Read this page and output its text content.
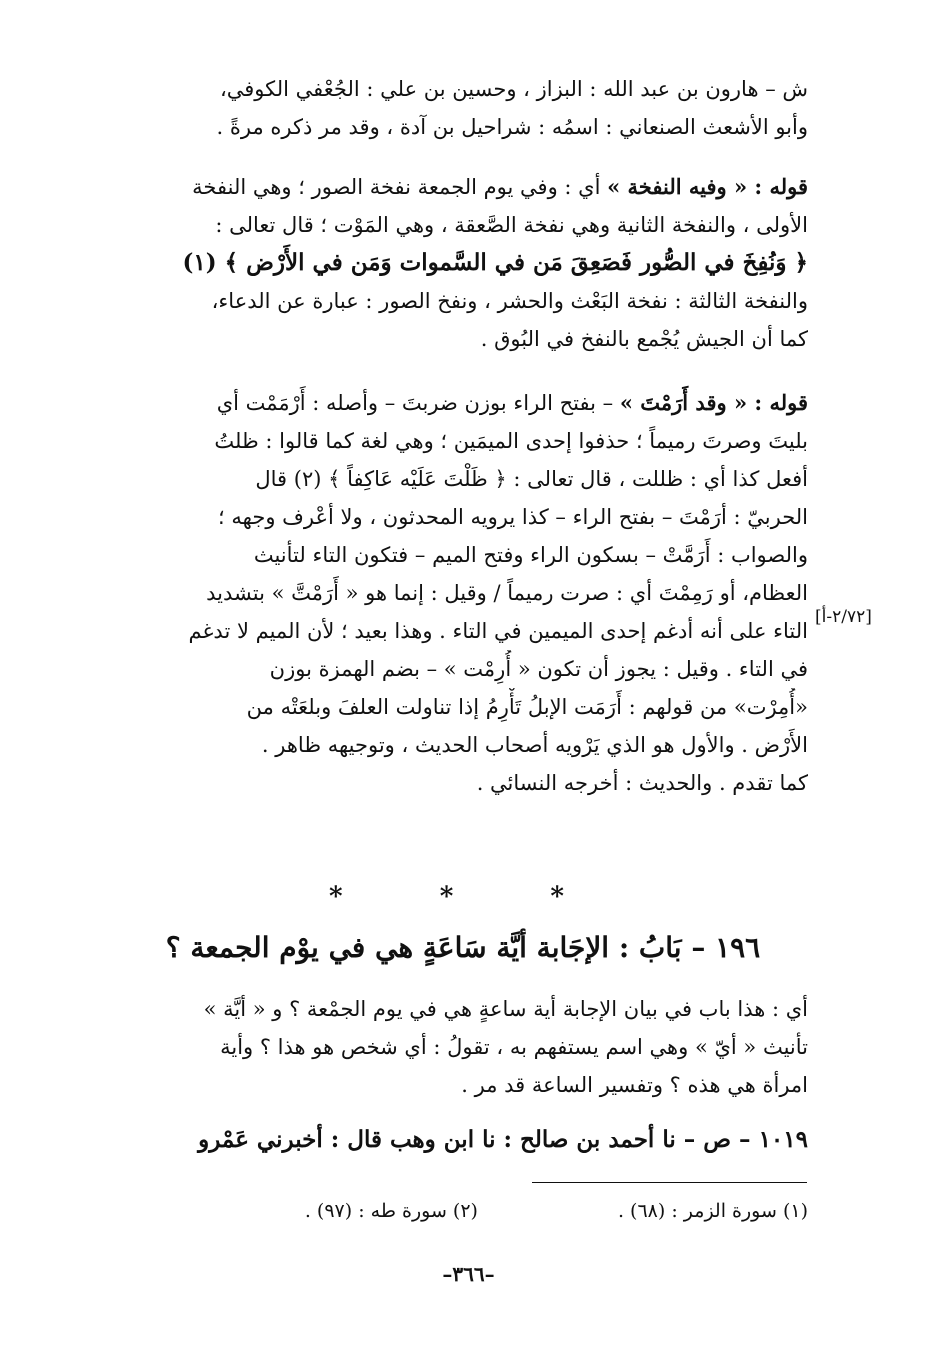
ش – هارون بن عبد الله : البزاز ، وحسين بن علي : الجُعْفي الكوفي،
وأبو الأشعث الصنعاني : اسمُه : شراحيل بن آدة ، وقد مر ذكره مرةً .
قوله : « وفيه النفخة » أي : وفي يوم الجمعة نفخة الصور ؛ وهي النفخة
الأولى ، والنفخة الثانية وهي نفخة الصَّعقة ، وهي المَوْت ؛ قال تعالى :
﴿ وَنُفِخَ في الصُّور فَصَعِقَ مَن في السَّموات وَمَن في الأَرْض ﴾ (١)
والنفخة الثالثة : نفخة البَعْث والحشر ، ونفخ الصور : عبارة عن الدعاء،
كما أن الجيش يُجْمع بالنفخ في البُوق .
قوله : « وقد أَرَمْتَ » – بفتح الراء بوزن ضربتَ – وأصله : أَرْمَمْت أي
بليتَ وصرتَ رميماً ؛ حذفوا إحدى الميمَين ؛ وهي لغة كما قالوا : ظلتُ
أفعل كذا أي : ظللت ، قال تعالى : ﴿ ظَلْتَ عَلَيْه عَاكِفاً ﴾ (٢) قال
الحربيّ : أرَمْتَ – بفتح الراء – كذا يرويه المحدثون ، ولا أعْرف وجهه ؛
والصواب : أَرَمَّتْ – بسكون الراء وفتح الميم – فتكون التاء لتأنيث
العظام، أو رَمِمْتَ أي : صرت رميماً / وقيل : إنما هو « أَرَمْتَّ » بتشديد
التاء على أنه أدغم إحدى الميمين في التاء . وهذا بعيد ؛ لأن الميم لا تدغم
في التاء . وقيل : يجوز أن تكون « أُرِمْت » – بضم الهمزة بوزن
«أُمِرْت» من قولهم : أَرَمَت الإبلُ تَأْرِمُ إذا تناولت العلفَ وبلعَتْه من
الأَرْض . والأول هو الذي يَرْويه أصحاب الحديث ، وتوجيهه ظاهر .
كما تقدم . والحديث : أخرجه النسائي .
[٢/٧٢-أ]
* * *
١٩٦ – بَابُ : الإجَابة أيَّة سَاعَةٍ هي في يوْم الجمعة ؟
أي : هذا باب في بيان الإجابة أية ساعةٍ هي في يوم الجمْعة ؟ و « أيَّة »
تأنيث « أيّ » وهي اسم يستفهم به ، تقولُ : أي شخص هو هذا ؟ وأية
امرأة هي هذه ؟ وتفسير الساعة قد مر .
١٠١٩ – ص – نا أحمد بن صالح : نا ابن وهب قال : أخبرني عَمْرو
(١) سورة الزمر : (٦٨) .
(٢) سورة طه : (٩٧) .
–٣٦٦–
